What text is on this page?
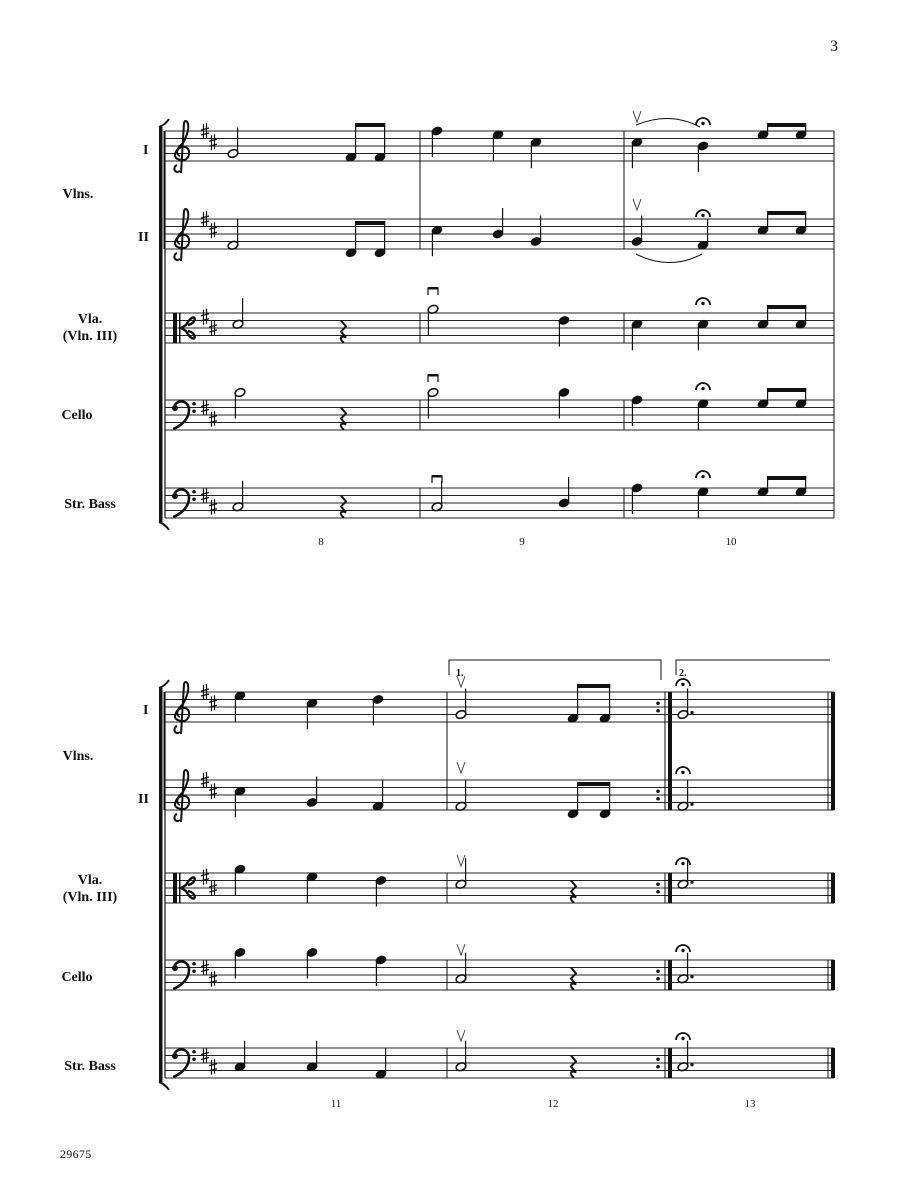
3
Vlns.
I
II
Vla.
(Vln. III)
Cello
Str. Bass
8	9	10
Vlns.
I
II
Vla.
(Vln. III)
Cello
Str. Bass
11	12	13
1.	2.
29675
